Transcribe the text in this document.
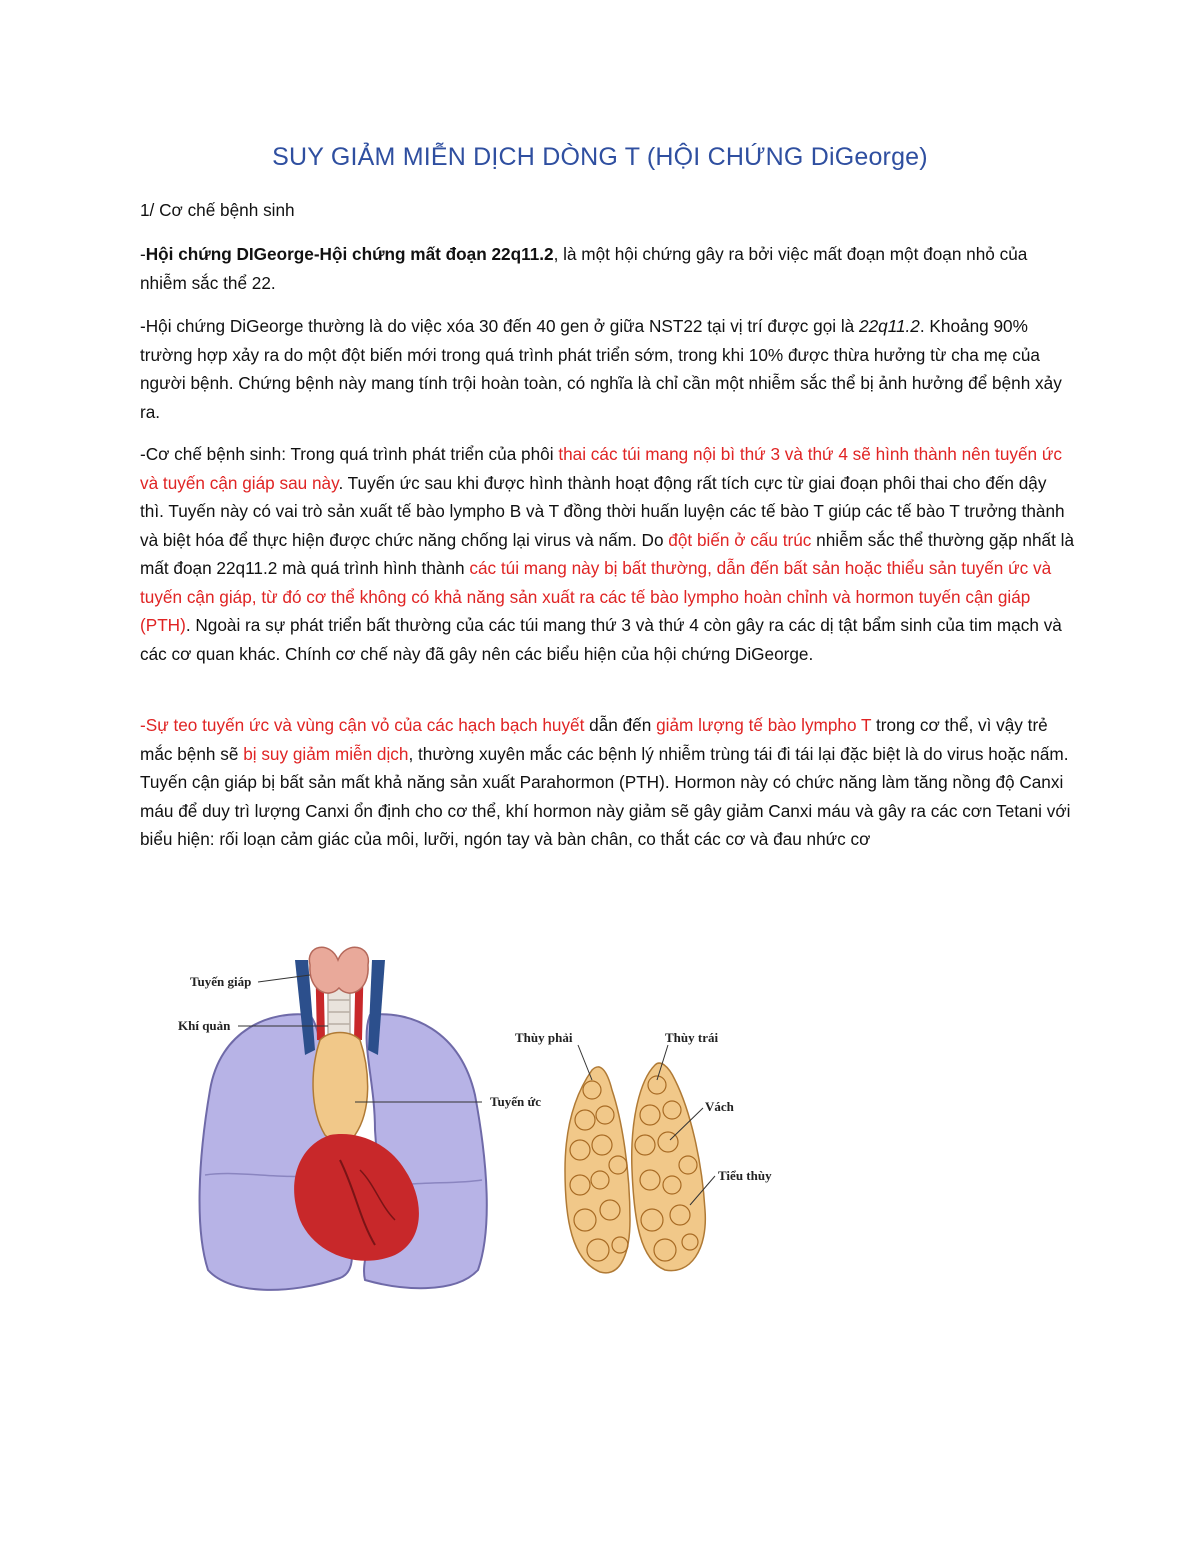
SUY GIẢM MIỄN DỊCH DÒNG T (HỘI CHỨNG DiGeorge)
1/ Cơ chế bệnh sinh

-Hội chứng DIGeorge-Hội chứng mất đoạn 22q11.2, là một hội chứng gây ra bởi việc mất đoạn một đoạn nhỏ của nhiễm sắc thể 22.

-Hội chứng DiGeorge thường là do việc xóa 30 đến 40 gen ở giữa NST22 tại vị trí được gọi là 22q11.2. Khoảng 90% trường hợp xảy ra do một đột biến mới trong quá trình phát triển sớm, trong khi 10% được thừa hưởng từ cha mẹ của người bệnh. Chứng bệnh này mang tính trội hoàn toàn, có nghĩa là chỉ cần một nhiễm sắc thể bị ảnh hưởng để bệnh xảy ra.

-Cơ chế bệnh sinh: Trong quá trình phát triển của phôi thai các túi mang nội bì thứ 3 và thứ 4 sẽ hình thành nên tuyến ức và tuyến cận giáp sau này. Tuyến ức sau khi được hình thành hoạt động rất tích cực từ giai đoạn phôi thai cho đến dậy thì. Tuyến này có vai trò sản xuất tế bào lympho B và T đồng thời huấn luyện các tế bào T giúp các tế bào T trưởng thành và biệt hóa để thực hiện được chức năng chống lại virus và nấm. Do đột biến ở cấu trúc nhiễm sắc thể thường gặp nhất là mất đoạn 22q11.2 mà quá trình hình thành các túi mang này bị bất thường, dẫn đến bất sản hoặc thiểu sản tuyến ức và tuyến cận giáp, từ đó cơ thể không có khả năng sản xuất ra các tế bào lympho hoàn chỉnh và hormon tuyến cận giáp (PTH). Ngoài ra sự phát triển bất thường của các túi mang thứ 3 và thứ 4 còn gây ra các dị tật bẩm sinh của tim mạch và các cơ quan khác. Chính cơ chế này đã gây nên các biểu hiện của hội chứng DiGeorge.

-Sự teo tuyến ức và vùng cận vỏ của các hạch bạch huyết dẫn đến giảm lượng tế bào lympho T trong cơ thể, vì vậy trẻ mắc bệnh sẽ bị suy giảm miễn dịch, thường xuyên mắc các bệnh lý nhiễm trùng tái đi tái lại đặc biệt là do virus hoặc nấm. Tuyến cận giáp bị bất sản mất khả năng sản xuất Parahormon (PTH). Hormon này có chức năng làm tăng nồng độ Canxi máu để duy trì lượng Canxi ổn định cho cơ thể, khí hormon này giảm sẽ gây giảm Canxi máu và gây ra các cơn Tetani với biểu hiện: rối loạn cảm giác của môi, lưỡi, ngón tay và bàn chân, co thắt các cơ và đau nhức cơ

Tuyến giáp
Khí quản
Tuyến ức
Thùy phải	Thùy trái
Vách
Tiểu thùy
